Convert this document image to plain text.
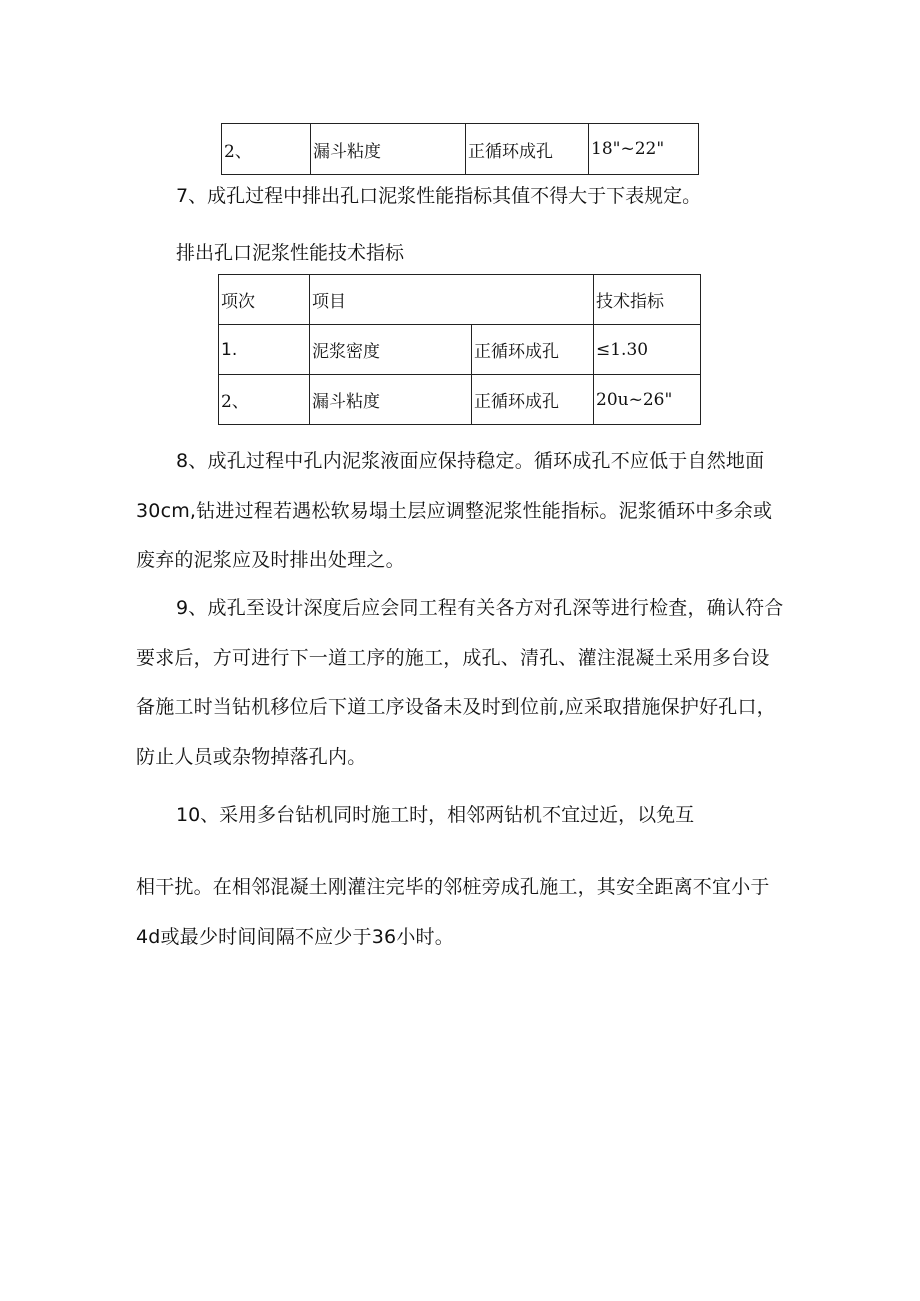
2、	漏斗粘度	正循环成孔	18"~22"

7、成孔过程中排出孔口泥浆性能指标其值不得大于下表规定。

排出孔口泥浆性能技术指标

项次	项目		技术指标
1.	泥浆密度	正循环成孔	≤1.30
2、	漏斗粘度	正循环成孔	20u~26"

8、成孔过程中孔内泥浆液面应保持稳定。循环成孔不应低于自然地面30cm,钻进过程若遇松软易塌土层应调整泥浆性能指标。泥浆循环中多余或废弃的泥浆应及时排出处理之。

9、成孔至设计深度后应会同工程有关各方对孔深等进行检査，确认符合要求后，方可进行下一道工序的施工，成孔、清孔、灌注混凝土采用多台设备施工时当钻机移位后下道工序设备未及时到位前,应采取措施保护好孔口，防止人员或杂物掉落孔内。

10、采用多台钻机同时施工时，相邻两钻机不宜过近，以免互

相干扰。在相邻混凝土刚灌注完毕的邻桩旁成孔施工，其安全距离不宜小于4d或最少时间间隔不应少于36小时。
